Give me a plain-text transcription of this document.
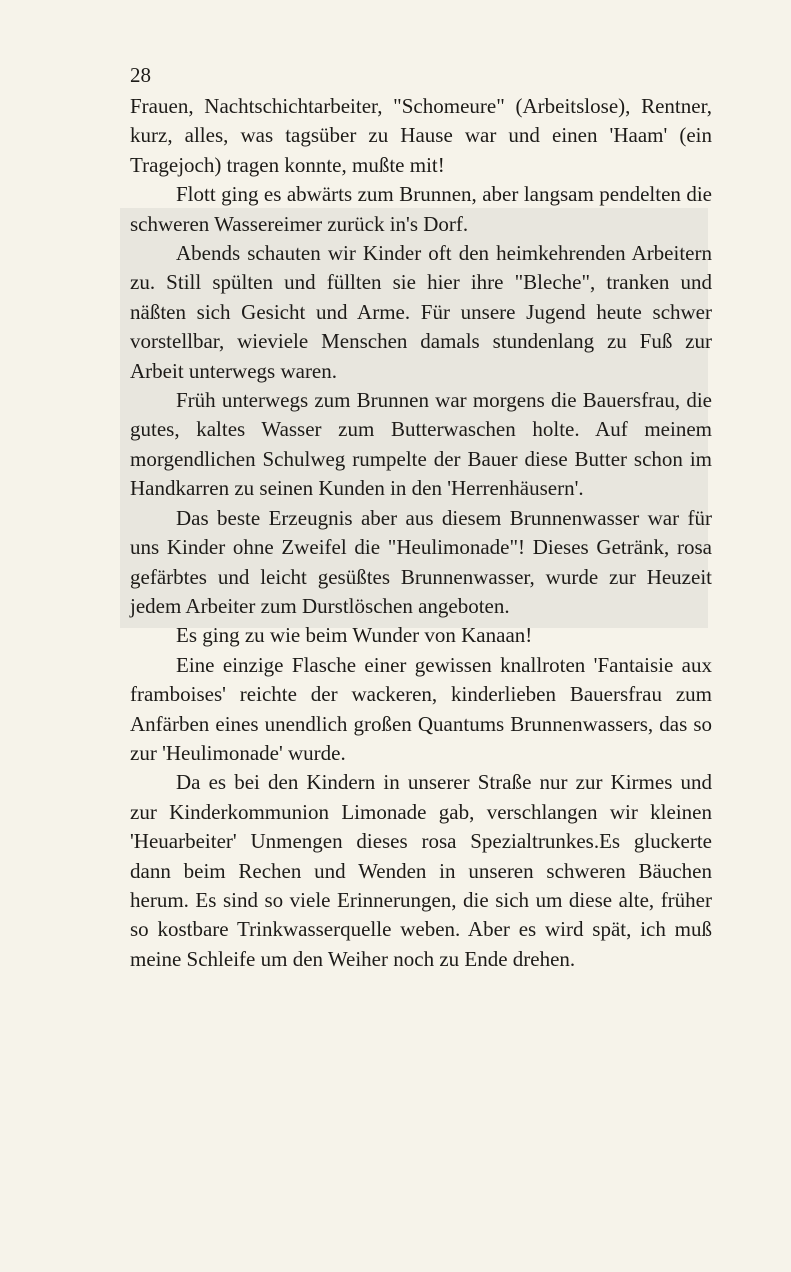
28

Frauen, Nachtschichtarbeiter, "Schomeure" (Arbeitslose), Rentner, kurz, alles, was tagsüber zu Hause war und einen 'Haam' (ein Tragejoch) tragen konnte, mußte mit!

Flott ging es abwärts zum Brunnen, aber langsam pendelten die schweren Wassereimer zurück in's Dorf.

Abends schauten wir Kinder oft den heimkehrenden Arbeitern zu. Still spülten und füllten sie hier ihre "Bleche", tranken und näßten sich Gesicht und Arme. Für unsere Jugend heute schwer vorstellbar, wieviele Menschen damals stundenlang zu Fuß zur Arbeit unterwegs waren.

Früh unterwegs zum Brunnen war morgens die Bauersfrau, die gutes, kaltes Wasser zum Butterwaschen holte. Auf meinem morgendlichen Schulweg rumpelte der Bauer diese Butter schon im Handkarren zu seinen Kunden in den 'Herrenhäusern'.

Das beste Erzeugnis aber aus diesem Brunnenwasser war für uns Kinder ohne Zweifel die "Heulimonade"! Dieses Getränk, rosa gefärbtes und leicht gesüßtes Brunnenwasser, wurde zur Heuzeit jedem Arbeiter zum Durstlöschen angeboten.

Es ging zu wie beim Wunder von Kanaan!

Eine einzige Flasche einer gewissen knallroten 'Fantaisie aux framboises' reichte der wackeren, kinderlieben Bauersfrau zum Anfärben eines unendlich großen Quantums Brunnenwassers, das so zur 'Heulimonade' wurde.

Da es bei den Kindern in unserer Straße nur zur Kirmes und zur Kinderkommunion Limonade gab, verschlangen wir kleinen 'Heuarbeiter' Unmengen dieses rosa Spezialtrunkes.Es gluckerte dann beim Rechen und Wenden in unseren schweren Bäuchen herum. Es sind so viele Erinnerungen, die sich um diese alte, früher so kostbare Trinkwasserquelle weben. Aber es wird spät, ich muß meine Schleife um den Weiher noch zu Ende drehen.
